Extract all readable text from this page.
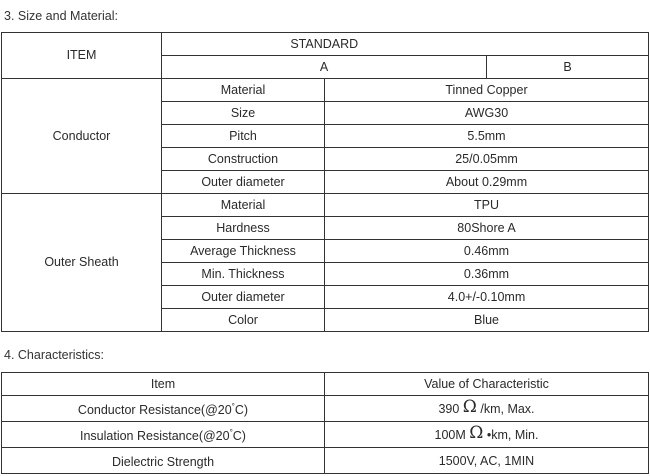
3. Size and Material:
ITEM	STANDARD		
	A		B
Conductor	Material	Tinned Copper	
	Size	AWG30	
	Pitch	5.5mm	
	Construction	25/0.05mm	
	Outer diameter	About 0.29mm	
Outer Sheath	Material	TPU	
	Hardness	80Shore A	
	Average Thickness	0.46mm	
	Min. Thickness	0.36mm	
	Outer diameter	4.0+/-0.10mm	
	Color	Blue	
4. Characteristics:
Item	Value of Characteristic
Conductor Resistance(@20°C)	390 Ω /km, Max.
Insulation Resistance(@20°C)	100M Ω •km, Min.
Dielectric Strength	1500V, AC, 1MIN
